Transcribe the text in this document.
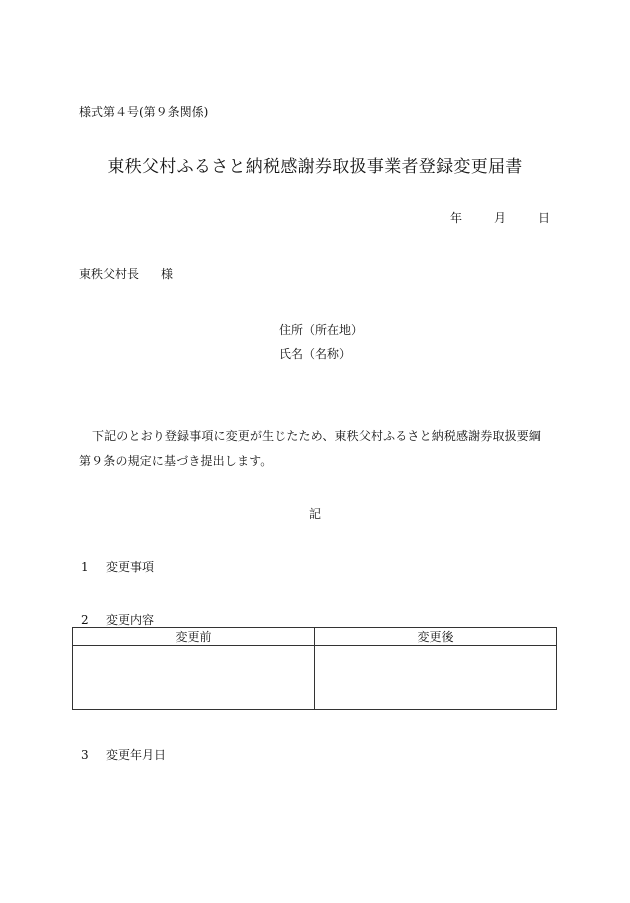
様式第４号(第９条関係)
東秩父村ふるさと納税感謝券取扱事業者登録変更届書
年	月	日
東秩父村長 様
住所（所在地）
氏名（名称）
下記のとおり登録事項に変更が生じたため、東秩父村ふるさと納税感謝券取扱要綱第９条の規定に基づき提出します。
記
1 変更事項
2 変更内容
変更前	変更後

3 変更年月日
